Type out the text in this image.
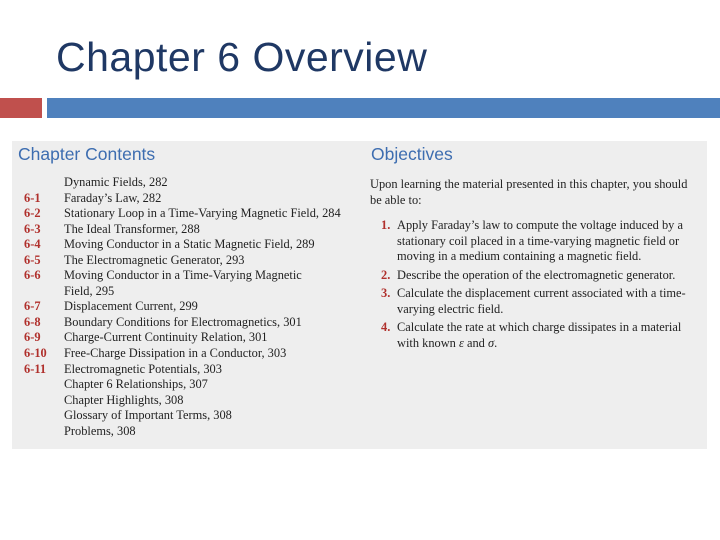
Chapter 6 Overview
Chapter Contents	Objectives
Dynamic Fields, 282
6-1 Faraday’s Law, 282
6-2 Stationary Loop in a Time-Varying Magnetic Field, 284
6-3 The Ideal Transformer, 288
6-4 Moving Conductor in a Static Magnetic Field, 289
6-5 The Electromagnetic Generator, 293
6-6 Moving Conductor in a Time-Varying Magnetic
Field, 295
6-7 Displacement Current, 299
6-8 Boundary Conditions for Electromagnetics, 301
6-9 Charge-Current Continuity Relation, 301
6-10 Free-Charge Dissipation in a Conductor, 303
6-11 Electromagnetic Potentials, 303
Chapter 6 Relationships, 307
Chapter Highlights, 308
Glossary of Important Terms, 308
Problems, 308
Upon learning the material presented in this chapter, you should
be able to:
1. Apply Faraday’s law to compute the voltage induced by a
stationary coil placed in a time-varying magnetic field or
moving in a medium containing a magnetic field.
2. Describe the operation of the electromagnetic generator.
3. Calculate the displacement current associated with a time-
varying electric field.
4. Calculate the rate at which charge dissipates in a material
with known ε and σ.
